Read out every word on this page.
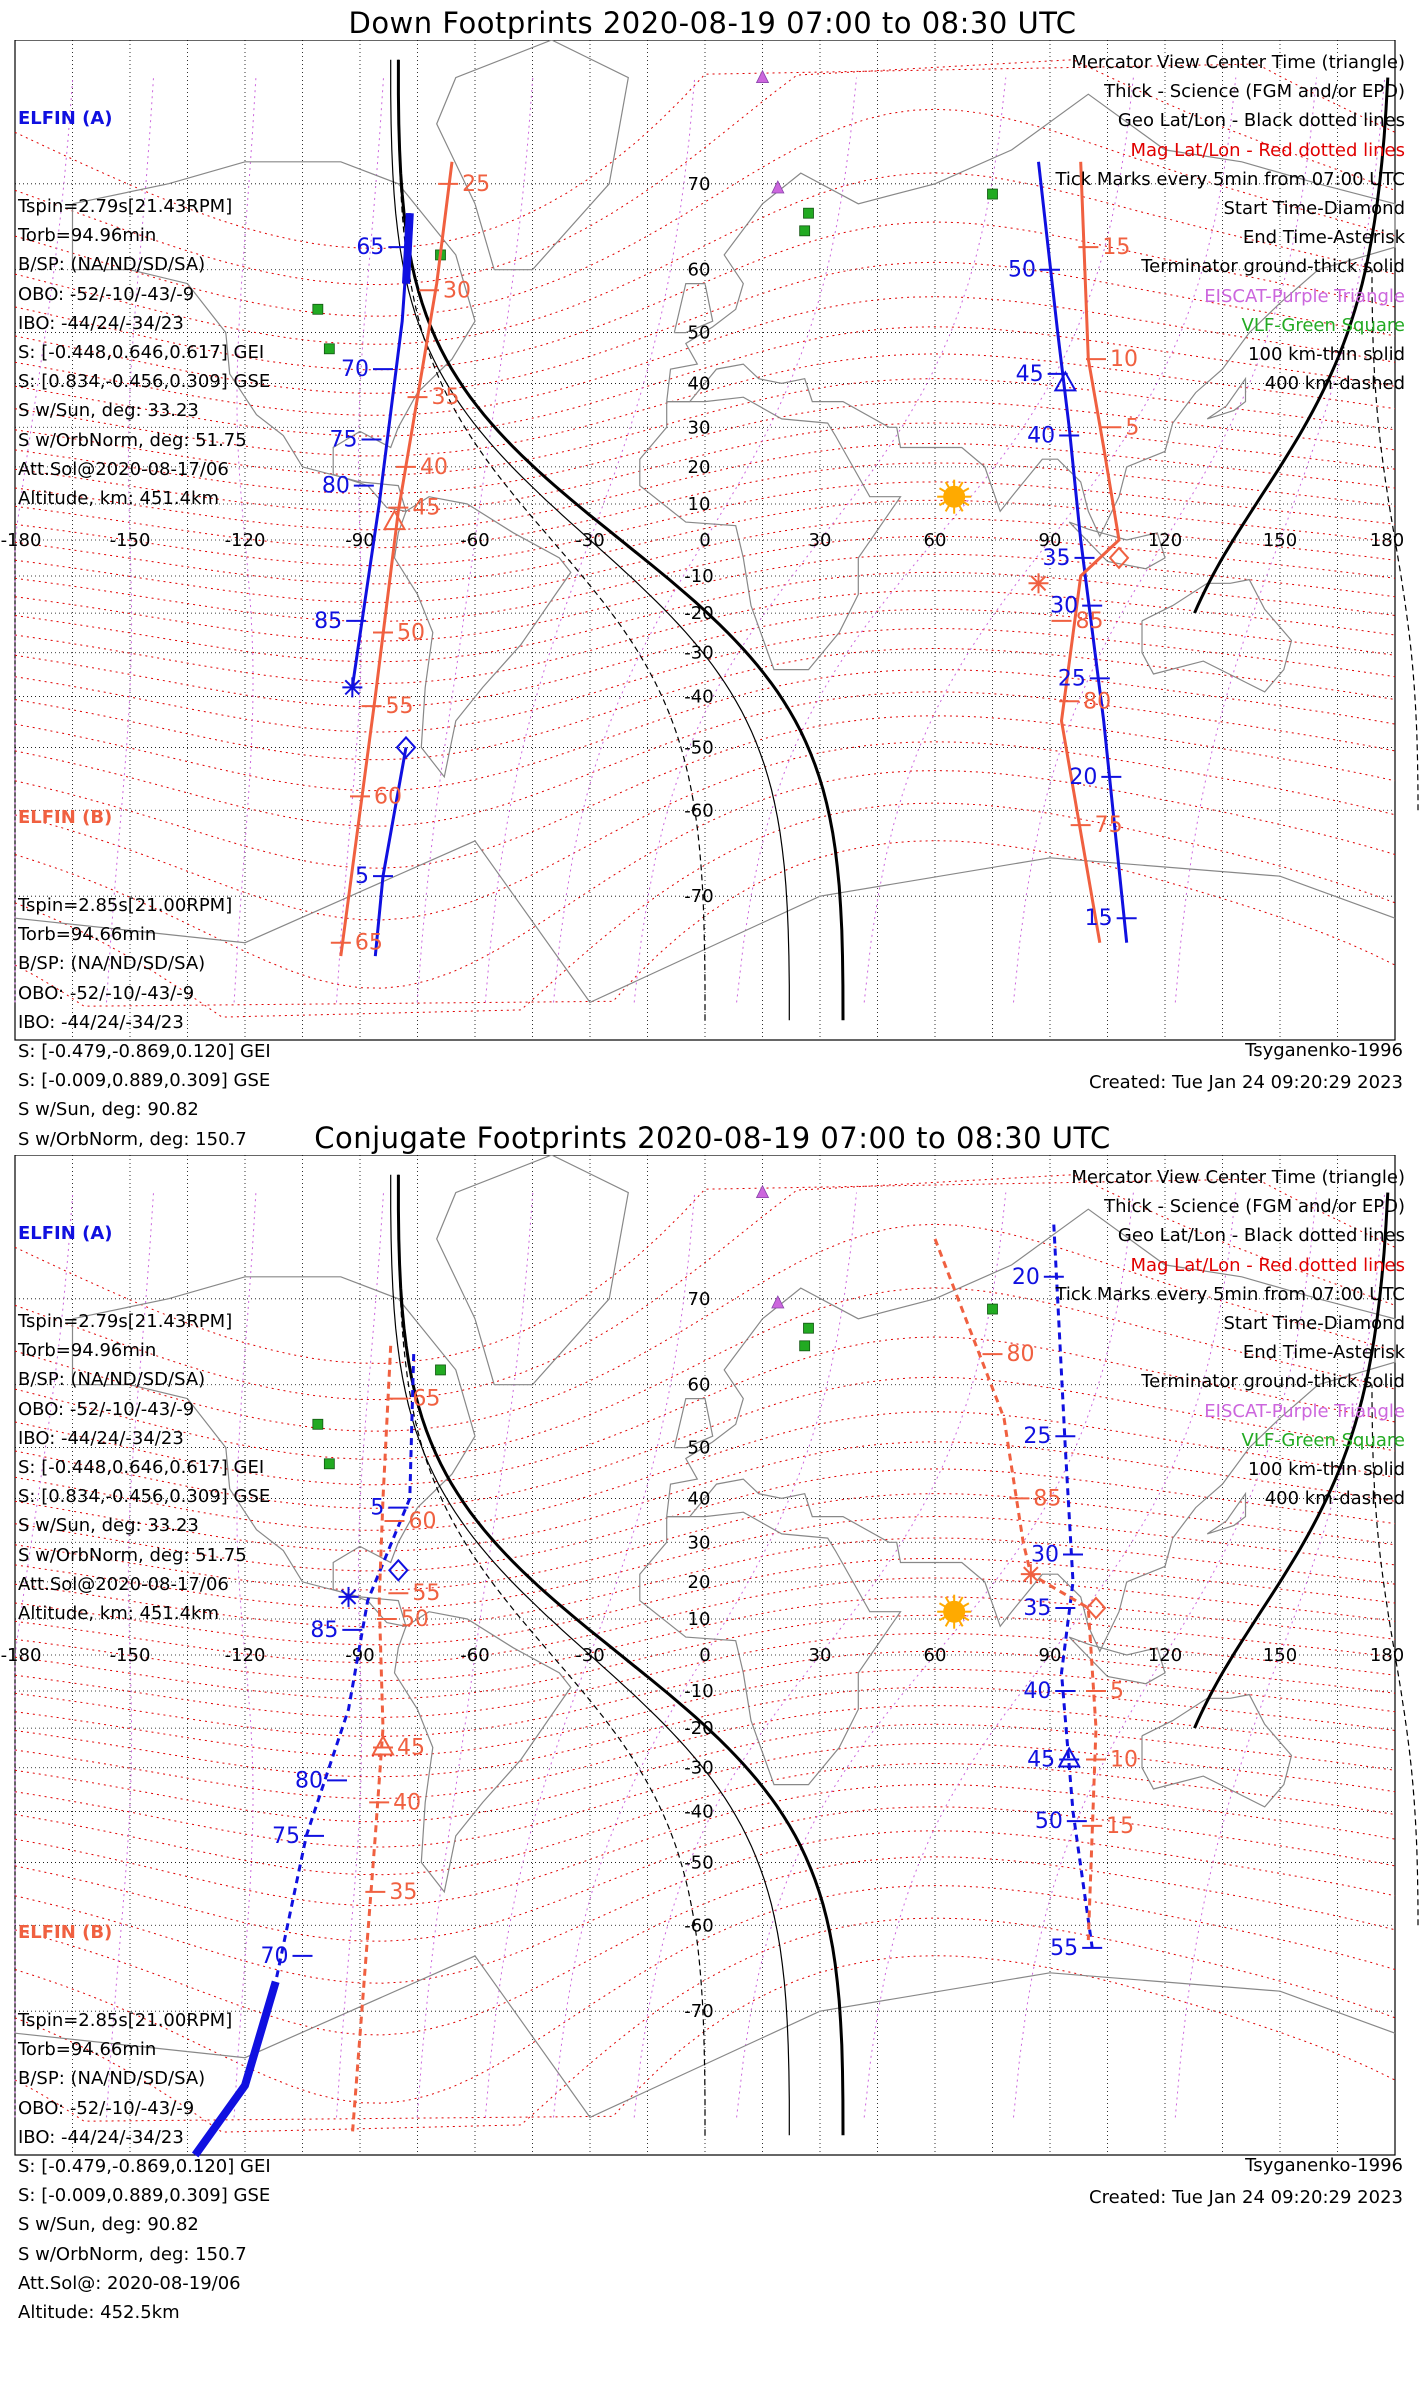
Down Footprints 2020-08-19 07:00 to 08:30 UTC
-180	-150	-120	-90	-60	-30	0	30	60	90	120	150	180
70
60
50
40
30
20
10
-10
-20
-30
-40
-50
-60
-70
65
70
75
80
85
5
25
30
35
40
45
50
55
60
65
50
45
40
35
30
25
20
15
15
10
5
85
80
75

ELFIN (A)

Tspin=2.79s[21.43RPM]
Torb=94.96min
B/SP: (NA/ND/SD/SA)
OBO: -52/-10/-43/-9
IBO: -44/24/-34/23
S: [-0.448,0.646,0.617] GEI
S: [0.834,-0.456,0.309] GSE
S w/Sun, deg: 33.23
S w/OrbNorm, deg: 51.75
Att.Sol@2020-08-17/06
Altitude, km: 451.4km

ELFIN (B)

Tspin=2.85s[21.00RPM]
Torb=94.66min
B/SP: (NA/ND/SD/SA)
OBO: -52/-10/-43/-9
IBO: -44/24/-34/23
S: [-0.479,-0.869,0.120] GEI
S: [-0.009,0.889,0.309] GSE
S w/Sun, deg: 90.82
S w/OrbNorm, deg: 150.7

Mercator View Center Time (triangle)
Thick - Science (FGM and/or EPD)
Geo Lat/Lon - Black dotted lines
Mag Lat/Lon - Red dotted lines
Tick Marks every 5min from 07:00 UTC
Start Time-Diamond
End Time-Asterisk
Terminator ground-thick solid
EISCAT-Purple Triangle
VLF-Green Square
100 km-thin solid
400 km-dashed
Tsyganenko-1996
Created: Tue Jan 24 09:20:29 2023
Conjugate Footprints 2020-08-19 07:00 to 08:30 UTC
-180	-150	-120	-90	-60	-30	0	30	60	90	120	150	180
70
60
50
40
30
20
10
-10
-20
-30
-40
-50
-60
-70
5
85
80
75
70
65
60
55
50
45
40
35
20
25
30
35
40
45
50
55
80
85
5
10
15

ELFIN (A)

Tspin=2.79s[21.43RPM]
Torb=94.96min
B/SP: (NA/ND/SD/SA)
OBO: -52/-10/-43/-9
IBO: -44/24/-34/23
S: [-0.448,0.646,0.617] GEI
S: [0.834,-0.456,0.309] GSE
S w/Sun, deg: 33.23
S w/OrbNorm, deg: 51.75
Att.Sol@2020-08-17/06
Altitude, km: 451.4km

ELFIN (B)

Tspin=2.85s[21.00RPM]
Torb=94.66min
B/SP: (NA/ND/SD/SA)
OBO: -52/-10/-43/-9
IBO: -44/24/-34/23
S: [-0.479,-0.869,0.120] GEI
S: [-0.009,0.889,0.309] GSE
S w/Sun, deg: 90.82
S w/OrbNorm, deg: 150.7
Att.Sol@: 2020-08-19/06
Altitude: 452.5km

Mercator View Center Time (triangle)
Thick - Science (FGM and/or EPD)
Geo Lat/Lon - Black dotted lines
Mag Lat/Lon - Red dotted lines
Tick Marks every 5min from 07:00 UTC
Start Time-Diamond
End Time-Asterisk
Terminator ground-thick solid
EISCAT-Purple Triangle
VLF-Green Square
100 km-thin solid
400 km-dashed
Tsyganenko-1996
Created: Tue Jan 24 09:20:29 2023
